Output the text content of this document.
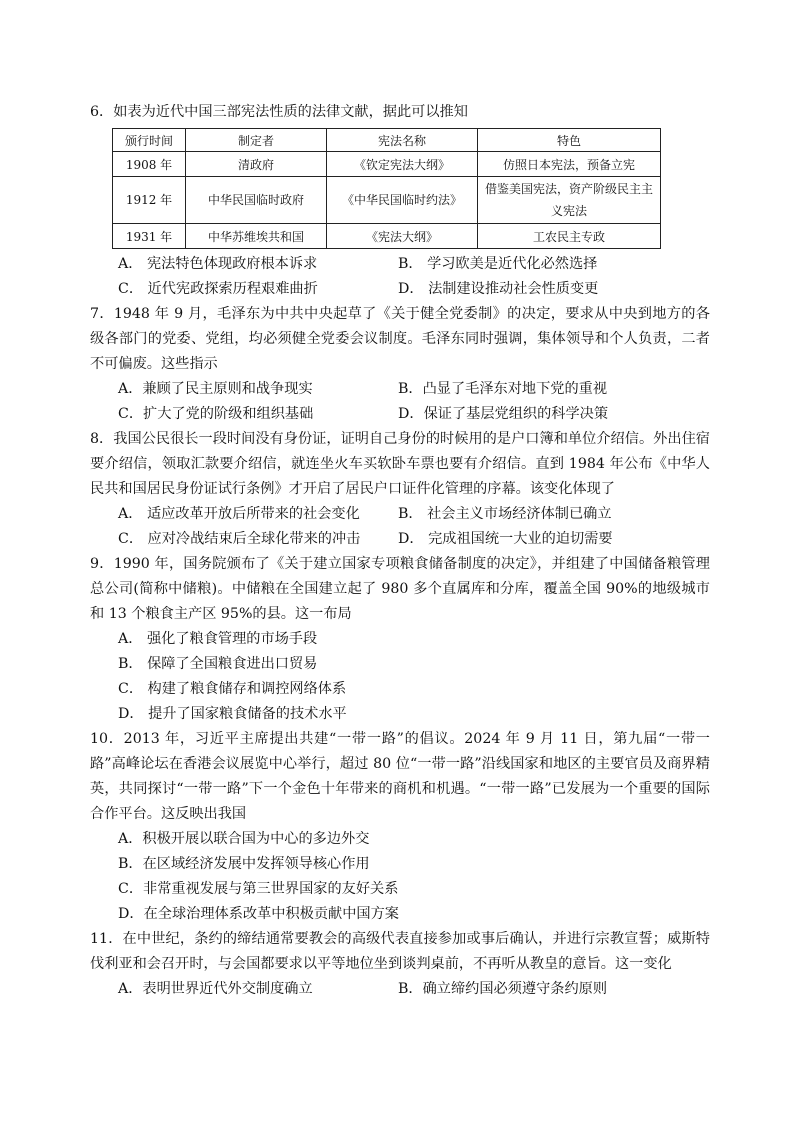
6．如表为近代中国三部宪法性质的法律文献，据此可以推知

颁行时间	制定者	宪法名称	特色
1908 年	清政府	《钦定宪法大纲》	仿照日本宪法，预备立宪
1912 年	中华民国临时政府	《中华民国临时约法》	借鉴美国宪法，资产阶级民主主义宪法
1931 年	中华苏维埃共和国	《宪法大纲》	工农民主专政
A． 宪法特色体现政府根本诉求	B． 学习欧美是近代化必然选择
C． 近代宪政探索历程艰难曲折	D． 法制建设推动社会性质变更

7．1948 年 9 月，毛泽东为中共中央起草了《关于健全党委制》的决定，要求从中央到地方的各级各部门的党委、党组，均必须健全党委会议制度。毛泽东同时强调，集体领导和个人负责，二者不可偏废。这些指示

A．兼顾了民主原则和战争现实	B．凸显了毛泽东对地下党的重视
C．扩大了党的阶级和组织基础	D．保证了基层党组织的科学决策

8．我国公民很长一段时间没有身份证，证明自己身份的时候用的是户口簿和单位介绍信。外出住宿要介绍信，领取汇款要介绍信，就连坐火车买软卧车票也要有介绍信。直到 1984 年公布《中华人民共和国居民身份证试行条例》才开启了居民户口证件化管理的序幕。该变化体现了

A． 适应改革开放后所带来的社会变化	B． 社会主义市场经济体制已确立
C． 应对冷战结束后全球化带来的冲击	D． 完成祖国统一大业的迫切需要

9．1990 年，国务院颁布了《关于建立国家专项粮食储备制度的决定》，并组建了中国储备粮管理总公司(简称中储粮)。中储粮在全国建立起了 980 多个直属库和分库，覆盖全国 90%的地级城市和 13 个粮食主产区 95%的县。这一布局

A． 强化了粮食管理的市场手段
B． 保障了全国粮食进出口贸易
C． 构建了粮食储存和调控网络体系
D． 提升了国家粮食储备的技术水平

10．2013 年，习近平主席提出共建“一带一路”的倡议。2024 年 9 月 11 日，第九届“一带一路”高峰论坛在香港会议展览中心举行，超过 80 位“一带一路”沿线国家和地区的主要官员及商界精英，共同探讨“一带一路”下一个金色十年带来的商机和机遇。“一带一路”已发展为一个重要的国际合作平台。这反映出我国

A．积极开展以联合国为中心的多边外交
B．在区域经济发展中发挥领导核心作用
C．非常重视发展与第三世界国家的友好关系
D．在全球治理体系改革中积极贡献中国方案

11．在中世纪，条约的缔结通常要教会的高级代表直接参加或事后确认，并进行宗教宣誓；威斯特伐利亚和会召开时，与会国都要求以平等地位坐到谈判桌前，不再听从教皇的意旨。这一变化

A．表明世界近代外交制度确立	B．确立缔约国必须遵守条约原则
